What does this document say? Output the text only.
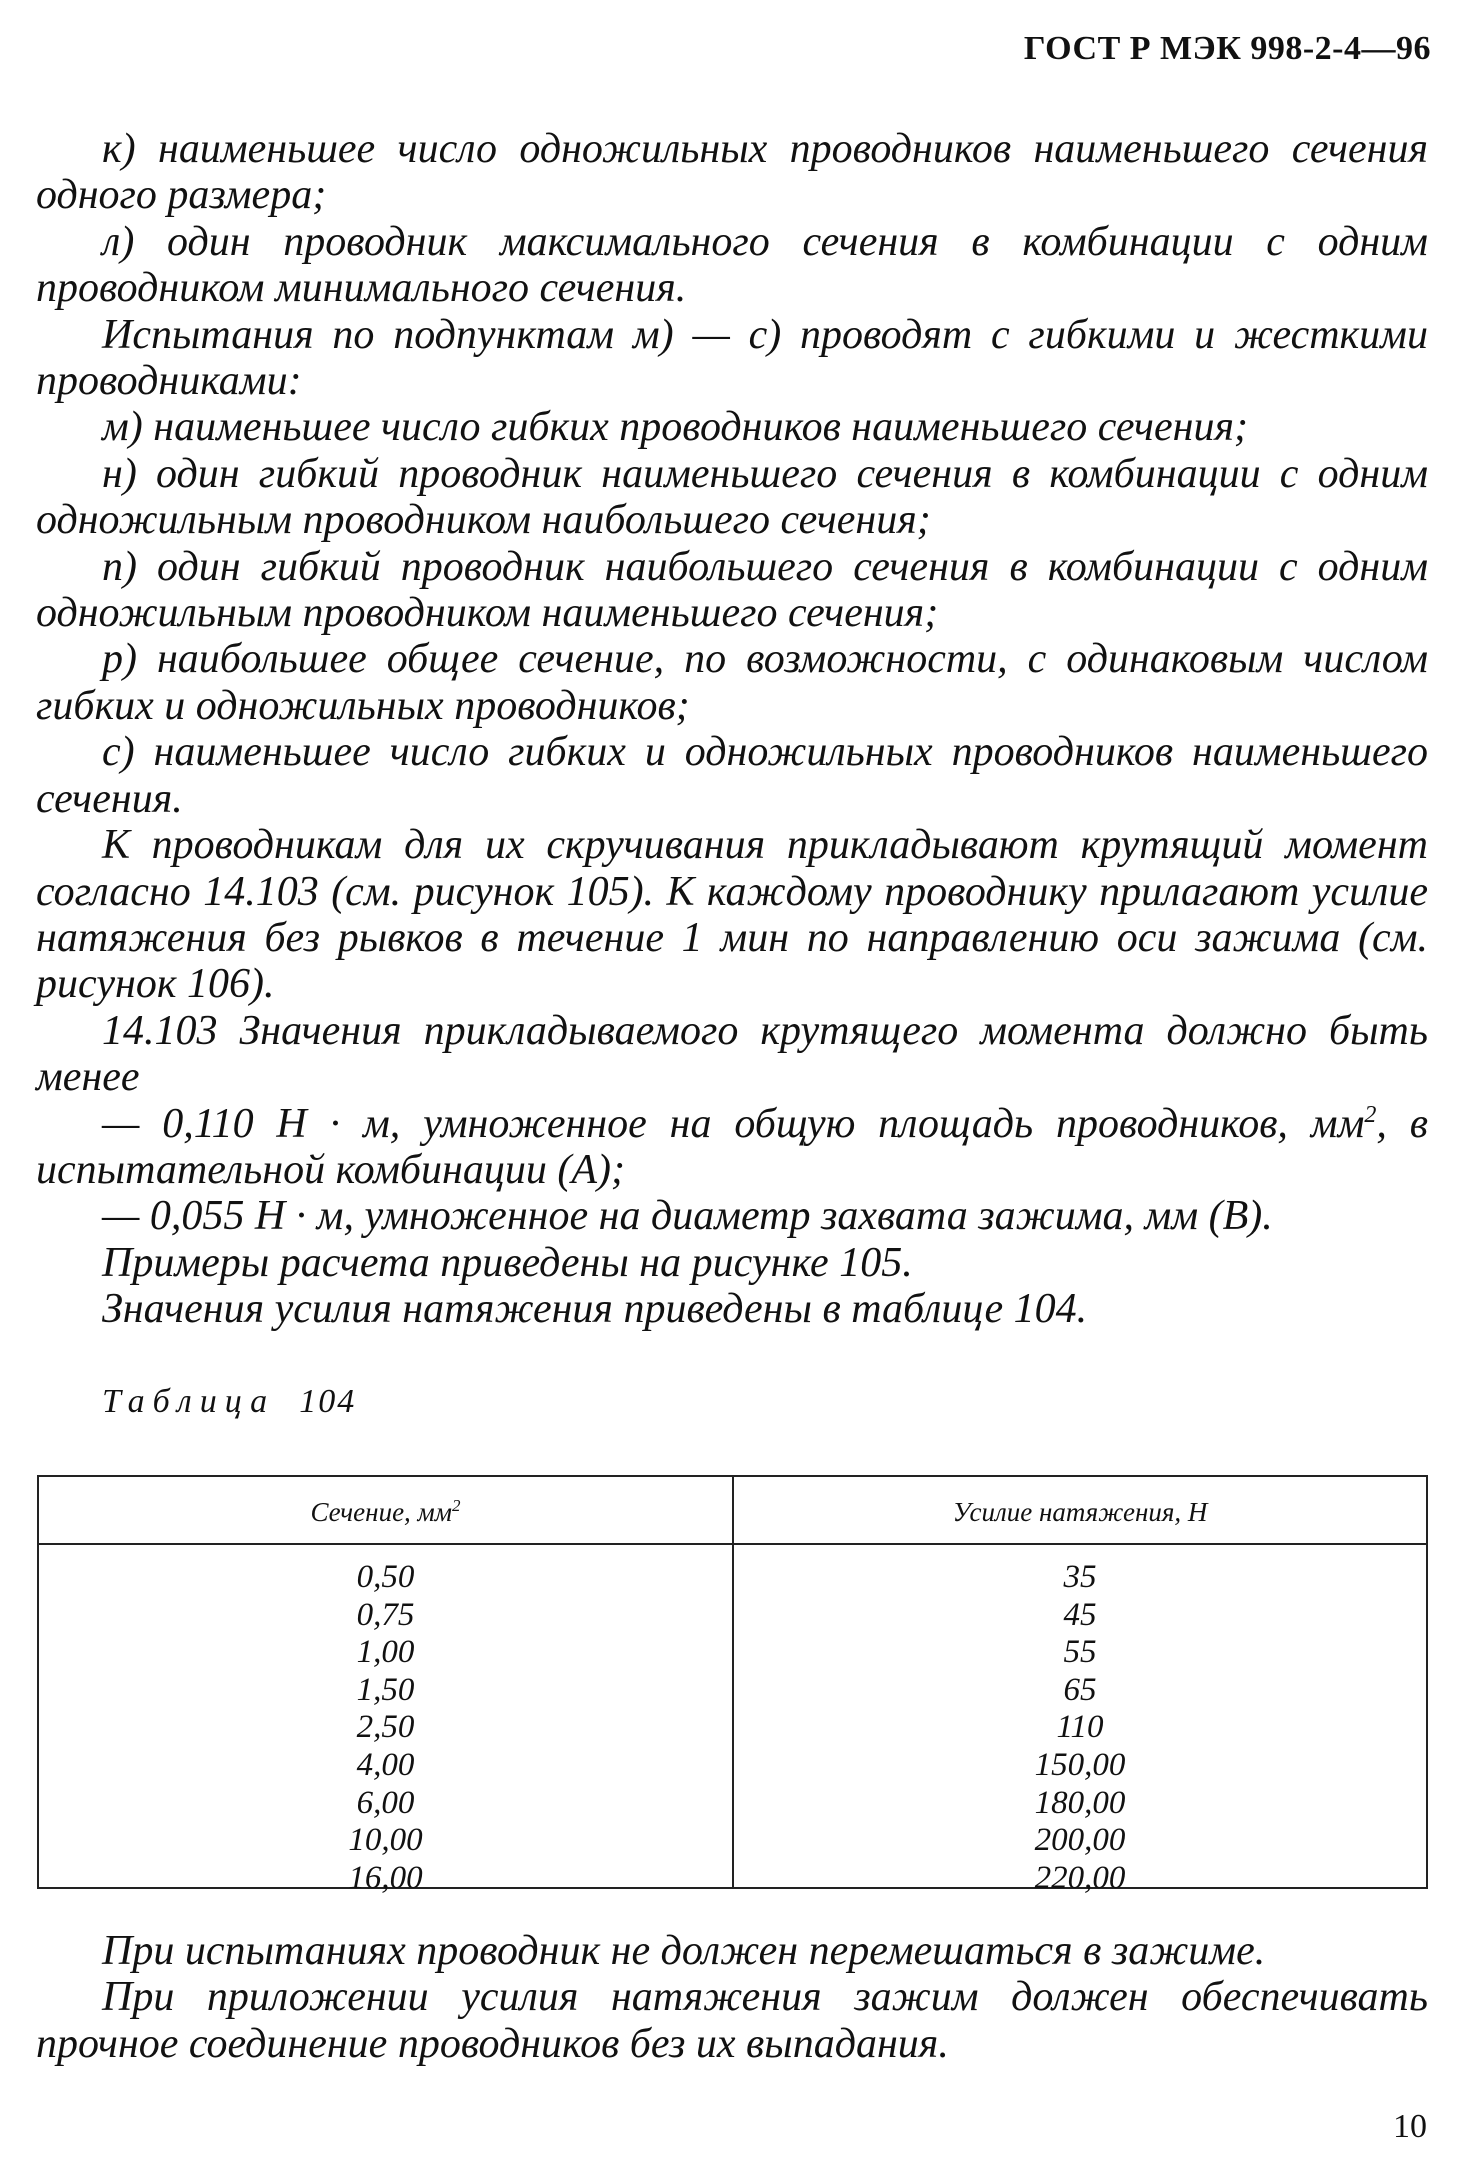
ГОСТ Р МЭК 998-2-4—96

к) наименьшее число одножильных проводников наименьшего сечения одного размера;

л) один проводник максимального сечения в комбинации с одним проводником минимального сечения.

Испытания по подпунктам м) — с) проводят с гибкими и жесткими проводниками:

м) наименьшее число гибких проводников наименьшего сечения;

н) один гибкий проводник наименьшего сечения в комбинации с одним одножильным проводником наибольшего сечения;

п) один гибкий проводник наибольшего сечения в комбинации с одним одножильным проводником наименьшего сечения;

р) наибольшее общее сечение, по возможности, с одинаковым числом гибких и одножильных проводников;

с) наименьшее число гибких и одножильных проводников наименьшего сечения.

К проводникам для их скручивания прикладывают крутящий момент согласно 14.103 (см. рисунок 105). К каждому проводнику прилагают усилие натяжения без рывков в течение 1 мин по направлению оси зажима (см. рисунок 106).

14.103 Значения прикладываемого крутящего момента должно быть менее

— 0,110 Н · м, умноженное на общую площадь проводников, $мм^2$, в испытательной комбинации (А);

— 0,055 Н · м, умноженное на диаметр захвата зажима, мм (В).

Примеры расчета приведены на рисунке 105.

Значения усилия натяжения приведены в таблице 104.

Таблица 104
Сечение, $мм^2$	Усилие натяжения, Н
0,50
0,75
1,00
1,50
2,50
4,00
6,00
10,00
16,00
35
45
55
65
110
150,00
180,00
200,00
220,00

При испытаниях проводник не должен перемешаться в зажиме.

При приложении усилия натяжения зажим должен обеспечивать прочное соединение проводников без их выпадания.

10
